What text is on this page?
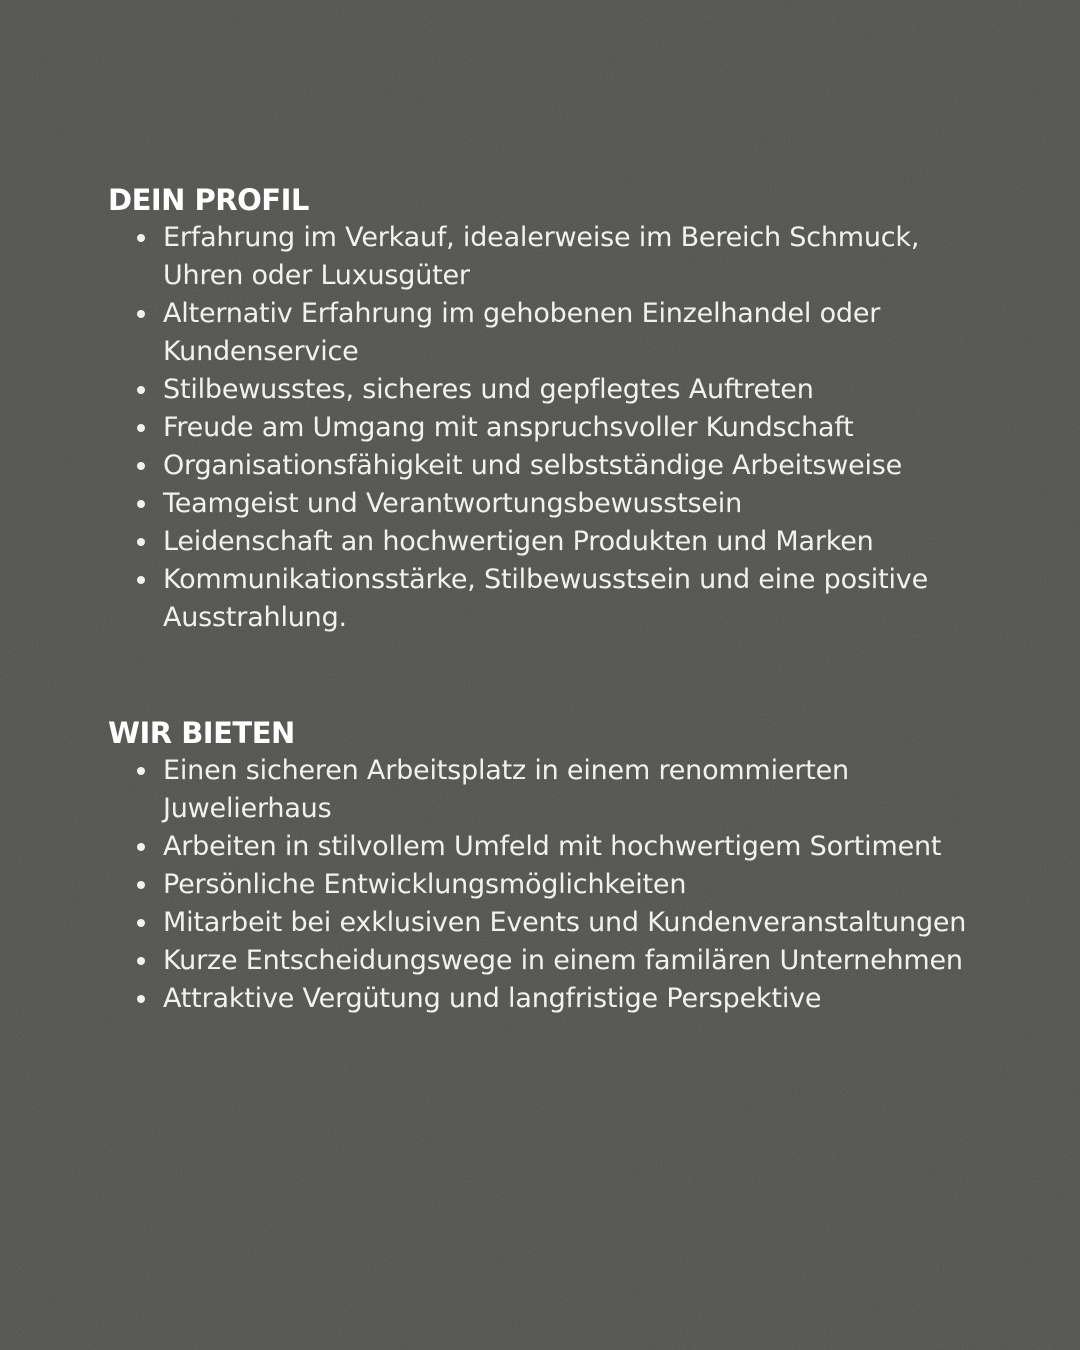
DEIN PROFIL
Erfahrung im Verkauf, idealerweise im Bereich Schmuck, Uhren oder Luxusgüter
Alternativ Erfahrung im gehobenen Einzelhandel oder Kundenservice
Stilbewusstes, sicheres und gepflegtes Auftreten
Freude am Umgang mit anspruchsvoller Kundschaft
Organisationsfähigkeit und selbstständige Arbeitsweise
Teamgeist und Verantwortungsbewusstsein
Leidenschaft an hochwertigen Produkten und Marken
Kommunikationsstärke, Stilbewusstsein und eine positive Ausstrahlung.
WIR BIETEN
Einen sicheren Arbeitsplatz in einem renommierten Juwelierhaus
Arbeiten in stilvollem Umfeld mit hochwertigem Sortiment
Persönliche Entwicklungsmöglichkeiten
Mitarbeit bei exklusiven Events und Kundenveranstaltungen
Kurze Entscheidungswege in einem familären Unternehmen
Attraktive Vergütung und langfristige Perspektive
